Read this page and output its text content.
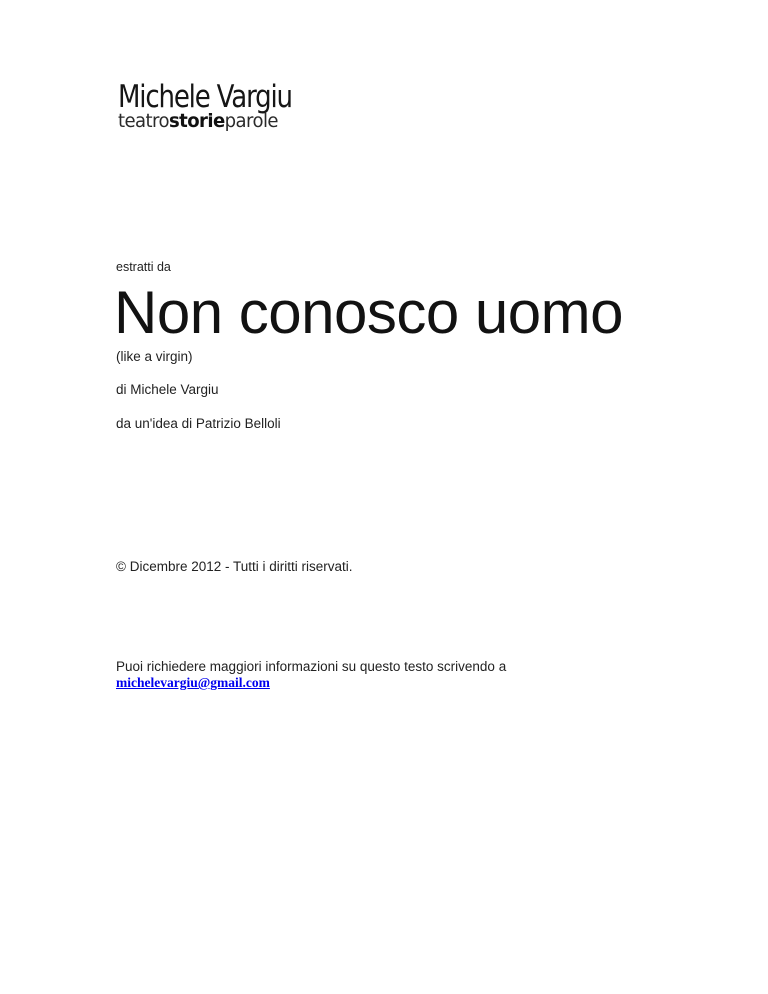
Michele Vargiu
teatrostorieparole
estratti da
Non conosco uomo
(like a virgin)
di Michele Vargiu
da un'idea di Patrizio Belloli
© Dicembre 2012 - Tutti i diritti riservati.
Puoi richiedere maggiori informazioni su questo testo scrivendo a
michelevargiu@gmail.com
